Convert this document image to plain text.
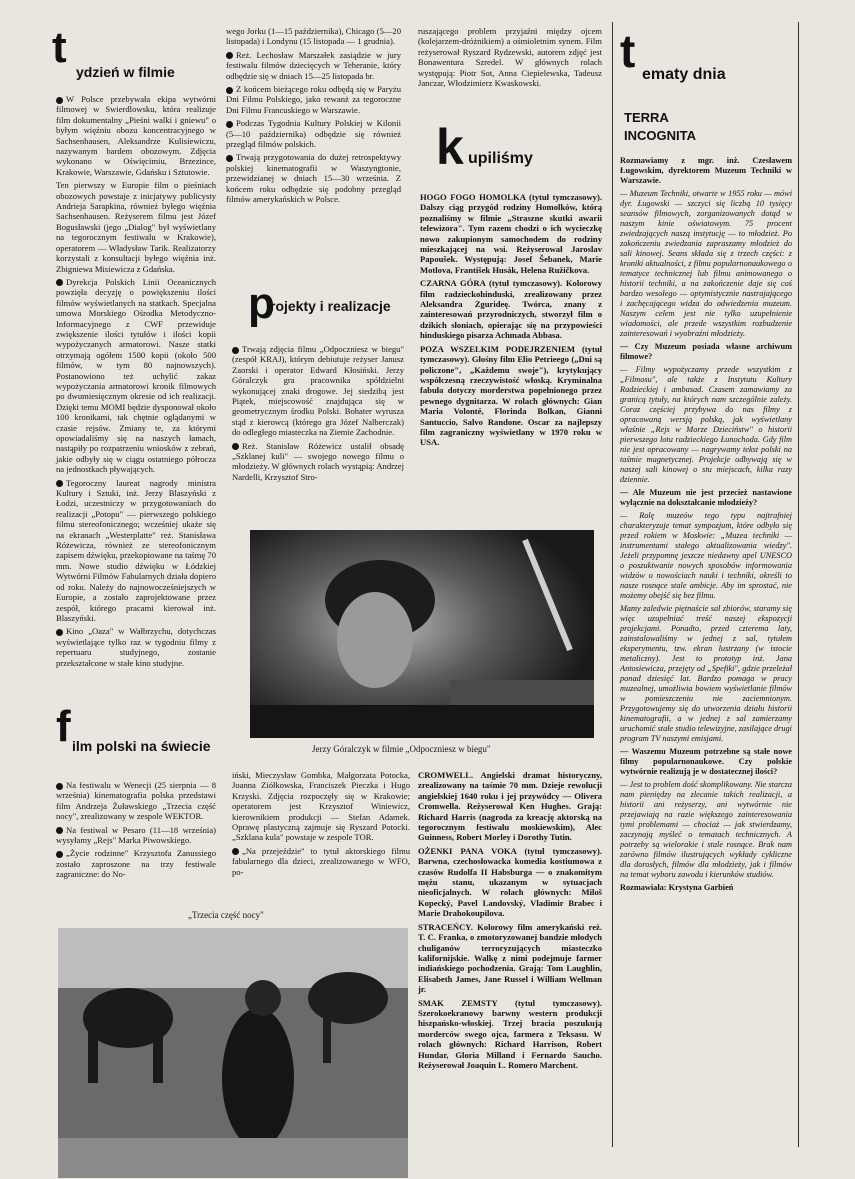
t ydzień w filmie

W Polsce przebywała ekipa wytwórni filmowej w Swierdlowsku, która realizuje film dokumentalny „Pieśni walki i gniewu" o byłym więźniu obozu koncentracyjnego w Sachsenhausen, Aleksandrze Kulisiewiczu, nazywanym bardem obozowym. Zdjęcia wykonano w Oświęcimiu, Brzezince, Krakowie, Warszawie, Gdańsku i Sztutowie.

Ten pierwszy w Europie film o pieśniach obozowych powstaje z inicjatywy publicysty Andrieja Sarapkina, również byłego więźnia Sachsenhausen. Reżyserem filmu jest Józef Bogusławski (jego „Dialog" był wyświetlany na tegorocznym festiwalu w Krakowie), operatorem — Władysław Tarik. Realizatorzy korzystali z konsultacji byłego więźnia inż. Zbigniewa Misiewicza z Gdańska.

Dyrekcja Polskich Linii Oceanicznych powzięła decyzję o powiększeniu ilości filmów wyświetlanych na statkach. Specjalna umowa Morskiego Ośrodka Metodyczno-Informacyjnego z CWF przewiduje zwiększenie ilości tytułów i ilości kopii wypożyczanych armatorowi. Nasze statki otrzymają ogółem 1500 kopii (około 500 filmów, w tym 80 najnowszych). Postanowiono też uchylić zakaz wypożyczania armatorowi kronik filmowych po dwumiesięcznym okresie od ich realizacji. Dzięki temu MOMI będzie dysponował około 100 kronikami, tak chętnie oglądanymi w czasie rejsów. Zmiany te, za którymi opowiadaliśmy się na naszych łamach, nastąpiły po rozpatrzeniu wniosków z zebrań, jakie odbyły się w ciągu ostatniego półrocza na jednostkach pływających.

Tegoroczny laureat nagrody ministra Kultury i Sztuki, inż. Jerzy Blaszyński z Łodzi, uczestniczy w przygotowaniach do realizacji „Potopu" — pierwszego polskiego filmu stereofonicznego; wcześniej ukaże się na ekranach „Westerplatte" reż. Stanisława Różewicza, również ze stereofonicznym zapisem dźwięku, przekopiowane na taśmę 70 mm. Nowe studio dźwięku w Łódzkiej Wytwórni Filmów Fabularnych działa dopiero od roku. Należy do najnowocześniejszych w Europie, a zostało zaprojektowane przez zespół, którego pracami kierował inż. Blaszyński.

Kino „Oaza" w Wałbrzychu, dotychczas wyświetlające tylko raz w tygodniu filmy z repertuaru studyjnego, zostanie przekształcone w stałe kino studyjne.

f ilm polski na świecie

Na festiwalu w Wenecji (25 sierpnia — 8 września) kinematografia polska przedstawi film Andrzeja Żuławskiego „Trzecia część nocy", zrealizowany w zespole WEKTOR.

Na festiwal w Pesaro (11—18 września) wysyłamy „Rejs" Marka Piwowskiego.

„Życie rodzinne" Krzysztofa Zanussiego zostało zaproszone na trzy festiwale zagraniczne: do No-

wego Jorku (1—15 października), Chicago (5—20 listopada) i Londynu (15 listopada — 1 grudnia).

Reż. Lechosław Marszałek zasiądzie w jury festiwalu filmów dziecięcych w Teheranie, który odbędzie się w dniach 15—25 listopada br.

Z końcem bieżącego roku odbędą się w Paryżu Dni Filmu Polskiego, jako rewanż za tegoroczne Dni Filmu Francuskiego w Warszawie.

Podczas Tygodnia Kultury Polskiej w Kilonii (5—10 października) odbędzie się również przegląd filmów polskich.

Trwają przygotowania do dużej retrospektywy polskiej kinematografii w Waszyngtonie, przewidzianej w dniach 15—30 września. Z końcem roku odbędzie się podobny przegląd filmów amerykańskich w Polsce.

p
rojekty i realizacje

Trwają zdjęcia filmu „Odpoczniesz w biegu" (zespół KRAJ), którym debiutuje reżyser Janusz Zaorski i operator Edward Kłosiński. Jerzy Góralczyk gra pracownika spółdzielni wykonującej znaki drogowe. Jej siedzibą jest Piątek, miejscowość znajdująca się w geometrycznym środku Polski. Bohater wyrusza stąd z kierowcą (którego gra Józef Nalberczak) do odległego miasteczka na Ziemie Zachodnie.

Reż. Stanisław Różewicz ustalił obsadę „Szklanej kuli" — swojego nowego filmu o młodzieży. W głównych rolach wystąpią: Andrzej Nardelli, Krzysztof Stro-

ruszającego problem przyjaźni między ojcem (kolejarzem-dróżnikiem) a ośmioletnim synem. Film reżyserował Ryszard Rydzewski, autorem zdjęć jest Bonawentura Szredel. W głównych rolach występują: Piotr Sot, Anna Ciepielewska, Tadeusz Janczar, Włodzimierz Kwaskowski.

k upiliśmy

HOGO FOGO HOMOLKA (tytuł tymczasowy). Dalszy ciąg przygód rodziny Homolków, którą poznaliśmy w filmie „Straszne skutki awarii telewizora". Tym razem chodzi o ich wycieczkę nowo zakupionym samochodem do rodziny mieszkającej na wsi. Reżyserował Jaroslav Papoušek. Występują: Josef Šebanek, Marie Motlova, František Husák, Helena Ružičkova.

CZARNA GÓRA (tytuł tymczasowy). Kolorowy film radzieckohinduski, zrealizowany przez Aleksandra Zgurideę. Twórca, znany z zainteresowań przyrodniczych, stworzył film o dzikich słoniach, opierając się na przypowieści hinduskiego pisarza Achmada Abbasa.

POZA WSZELKIM PODEJRZENIEM (tytuł tymczasowy). Głośny film Elio Petrieego („Dni są policzone", „Każdemu swoje"), krytykujący współczesną rzeczywistość włoską. Kryminalna fabuła dotyczy morderstwa popełnionego przez pewnego dygnitarza. W rolach głównych: Gian Maria Volonté, Florinda Bolkan, Gianni Santuccio, Salvo Randone. Oscar za najlepszy film zagraniczny wyświetlany w 1970 roku w USA.

Jerzy Góralczyk w filmie „Odpoczniesz w biegu"

iński, Mieczysław Gombka, Małgorzata Potocka, Joanna Ziółkowska, Franciszek Pieczka i Hugo Krzyski. Zdjęcia rozpoczęły się w Krakowie; operatorem jest Krzysztof Winiewicz, kierownikiem produkcji — Stefan Adamek. Oprawę plastyczną zajmuje się Ryszard Potocki. „Szklana kula" powstaje w zespole TOR.

„Na przejeździe" to tytuł aktorskiego filmu fabularnego dla dzieci, zrealizowanego w WFO, po-

„Trzecia część nocy"

CROMWELL. Angielski dramat historyczny, zrealizowany na taśmie 70 mm. Dzieje rewolucji angielskiej 1640 roku i jej przywódcy — Olivera Cromwella. Reżyserował Ken Hughes. Grają: Richard Harris (nagroda za kreację aktorską na tegorocznym festiwalu moskiewskim), Alec Guinness, Robert Morley i Dorothy Tutin.

OŻENKI PANA VOKA (tytuł tymczasowy). Barwna, czechosłowacka komedia kostiumowa z czasów Rudolfa II Habsburga — o znakomitym mężu stanu, ukazanym w sytuacjach nieoficjalnych. W rolach głównych: Miloš Kopecký, Pavel Landovský, Vladimir Brabec i Marie Drahokoupilova.

STRACEŃCY. Kolorowy film amerykański reż. T. C. Franka, o zmotoryzowanej bandzie młodych chuliganów terroryzujących miasteczko kalifornijskie. Walkę z nimi podejmuje farmer indiańskiego pochodzenia. Grają: Tom Laughlin, Elisabeth James, Jane Russel i William Wellman jr.

SMAK ZEMSTY (tytuł tymczasowy). Szerokoekranowy barwny western produkcji hiszpańsko-włoskiej. Trzej bracia poszukują morderców swego ojca, farmera z Teksasu. W rolach głównych: Richard Harrison, Robert Hundar, Gloria Milland i Fernardo Saucho. Reżyserował Joaquin L. Romero Marchent.

t ematy dnia
TERRA
INCOGNITA

Rozmawiamy z mgr. inż. Czesławem Ługowskim, dyrektorem Muzeum Techniki w Warszawie.

— Muzeum Techniki, otwarte w 1955 roku — mówi dyr. Ługowski — szczyci się liczbą 10 tysięcy seansów filmowych, zorganizowanych dotąd w naszym kinie oświatowym. 75 procent zwiedzających naszą instytucję — to młodzież. Po zakończeniu zwiedzania zapraszamy młodzież do sali kinowej. Seans składa się z trzech części: z kroniki aktualności, z filmu popularnonaukowego o tematyce technicznej lub filmu animowanego o historii techniki, a na zakończenie daje się coś bardzo wesołego — optymistycznie nastrajającego i zachęcającego widza do odwiedzenia muzeum. Naszym celem jest nie tylko uzupełnienie wiadomości, ale przede wszystkim rozbudzenie zainteresowań i wyobraźni młodzieży.

— Czy Muzeum posiada własne archiwum filmowe?

— Filmy wypożyczamy przede wszystkim z „Filmosu", ale także z Instytutu Kultury Radzieckiej i ambasad. Czasem zamawiamy za granicą tytuły, na których nam szczególnie zależy. Coraz częściej przybywa do nas filmy z opracowaną wersją polską, jak wyświetlany właśnie „Rejs w Morze Dzieciństw" o historii pierwszego lotu radzieckiego Łunochoda. Gdy film nie jest opracowany — nagrywamy tekst polski na taśmie magnetycznej. Projekcje odbywają się w naszej sali kinowej o stu miejscach, kilka razy dziennie.

— Ale Muzeum nie jest przecież nastawione wyłącznie na dokształcanie młodzieży?

— Rolę muzeów tego typu najtrafniej charakteryzuje temat sympozjum, które odbyło się przed rokiem w Moskwie: „Muzea techniki — instrumentami stałego aktualizowania wiedzy". Jeżeli przypomnę jeszcze niedawny apel UNESCO o poszukiwanie nowych sposobów informowania widzów o nowościach nauki i techniki, określi to nasze rosnące stale ambicje. Aby im sprostać, nie możemy obejść się bez filmu.

Mamy zaledwie piętnaście sal zbiorów, staramy się więc uzupełniać treść naszej ekspozycji projekcjami. Ponadto, przed czterema laty, zainstalowaliśmy w jednej z sal, tytułem eksperymentu, tzw. ekran lustrzany (w istocie metaliczny). Jest to prototyp inż. Jana Antosiewicza, przejęty od „Spefiki", gdzie przeleżał ponad dziesięć lat. Bardzo pomaga w pracy muzealnej, umożliwia bowiem wyświetlanie filmów w pomieszczeniu nie zaciemnionym. Przygotowujemy się do utworzenia działu historii kinematografii, a w jednej z sal zamierzamy uruchomić stałe studio telewizyjne, zasilające drugi program TV naszymi emisjami.

— Waszemu Muzeum potrzebne są stałe nowe filmy popularnonaukowe. Czy polskie wytwórnie realizują je w dostatecznej ilości?

— Jest to problem dość skomplikowany. Nie starcza nam pieniędzy na zlecanie takich realizacji, a historii ani reżyserzy, ani wytwórnie nie przejawiają na razie większego zainteresowania tymi problemami — chociaż — jak stwierdzamy, zaczynają myśleć o tematach technicznych. A potrzeby są wielorakie i stale rosnące. Brak nam zarówno filmów ilustrujących wykłady cykliczne dla dorosłych, filmów dla młodzieży, jak i filmów na temat wyboru zawodu i kierunków studiów.

Rozmawiała: Krystyna Garbień
